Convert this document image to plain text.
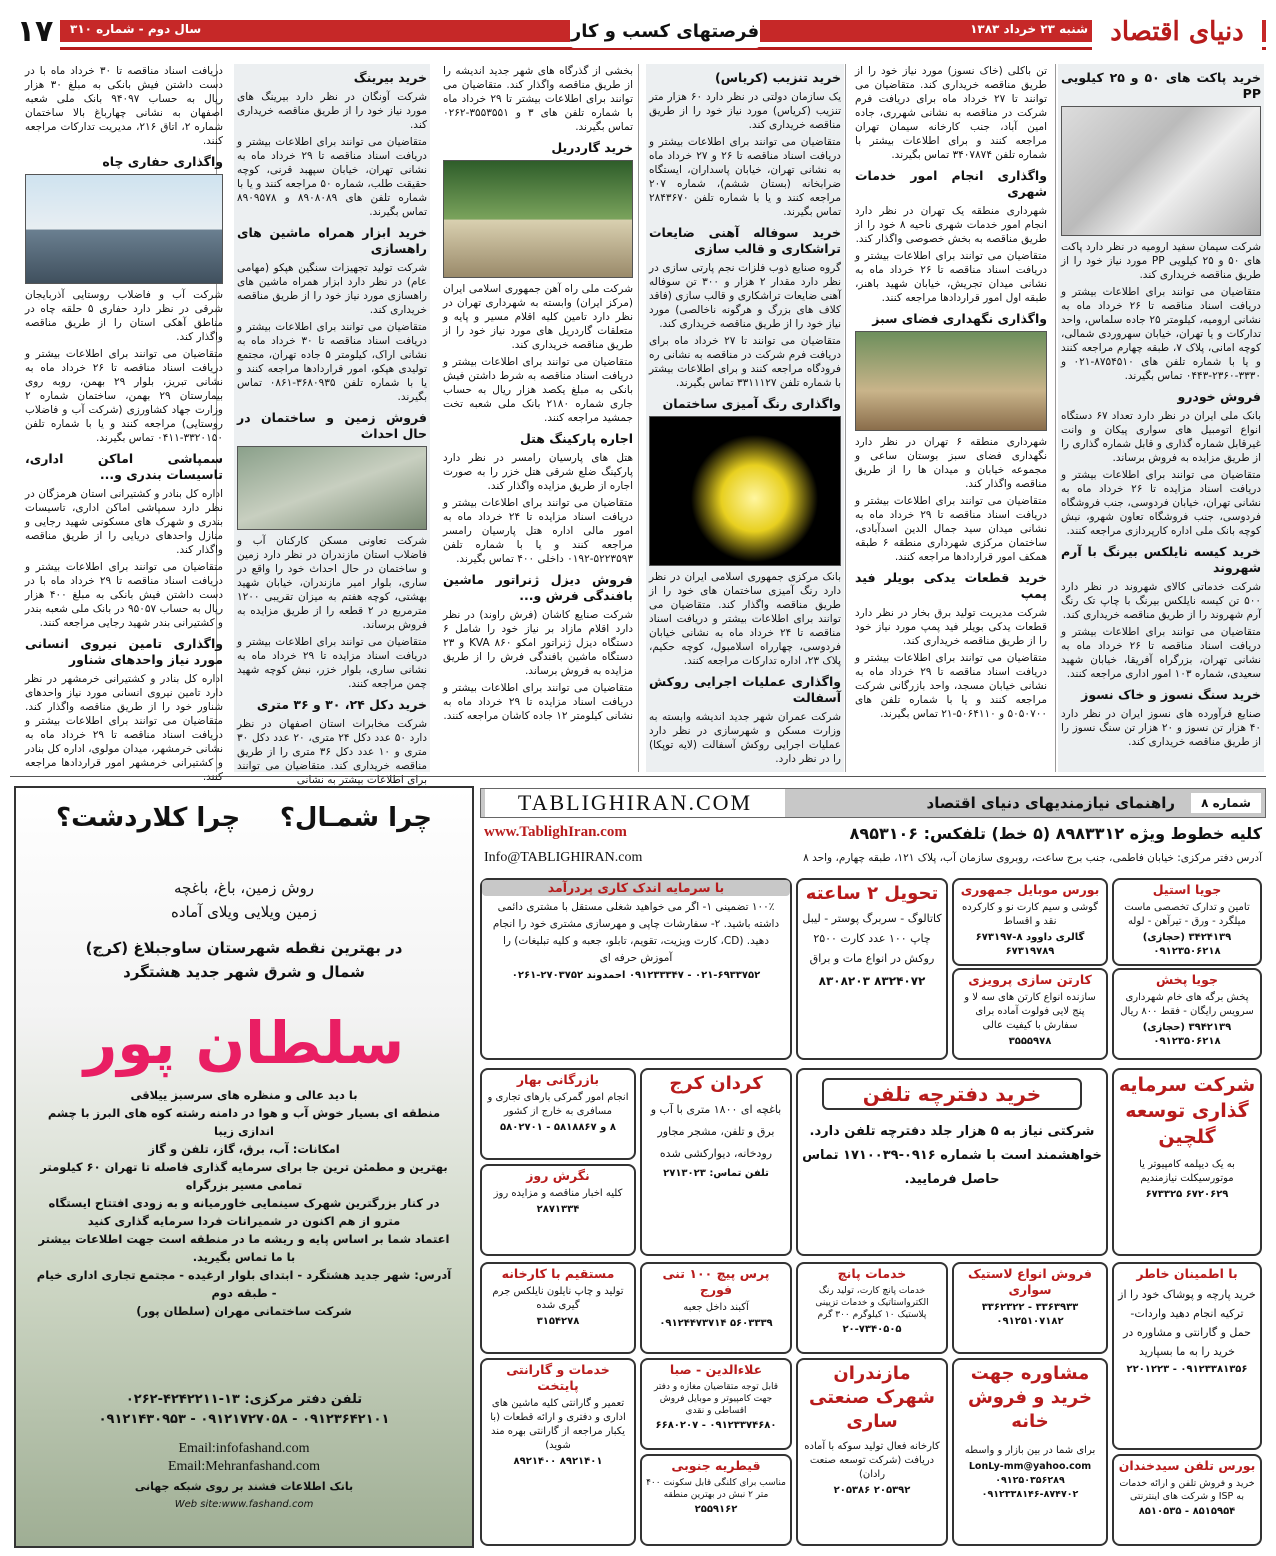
دنیای اقتصاد
شنبه ۲۳ خرداد ۱۳۸۳
فرصتهای کسب و کار
سال دوم - شماره ۳۱۰
۱۷
خرید پاکت های ۵۰ و ۲۵ کیلویی PP

شرکت سیمان سفید ارومیه در نظر دارد پاکت های ۵۰ و ۲۵ کیلویی PP مورد نیاز خود را از طریق مناقصه خریداری کند.

متقاضیان می توانند برای اطلاعات بیشتر و دریافت اسناد مناقصه تا ۲۶ خرداد ماه به نشانی ارومیه، کیلومتر ۲۵ جاده سلماس، واحد تدارکات و یا تهران، خیابان سهروردی شمالی، کوچه امانی، پلاک ۷، طبقه چهارم مراجعه کنند و یا با شماره تلفن های ۸۷۵۴۵۱۰-۰۲۱ و ۳۳۳۰-۲۳۶۰-۰۴۴۳ تماس بگیرند.

فروش خودرو

بانک ملی ایران در نظر دارد تعداد ۶۷ دستگاه انواع اتومبیل های سواری پیکان و وانت غیرقابل شماره گذاری و قابل شماره گذاری را از طریق مزایده به فروش برساند.

متقاضیان می توانند برای اطلاعات بیشتر و دریافت اسناد مزایده تا ۲۶ خرداد ماه به نشانی تهران، خیابان فردوسی، جنب فروشگاه فردوسی، جنب فروشگاه تعاون شهرو، نبش کوچه بانک ملی اداره کارپردازی مراجعه کنند.

خرید کیسه نایلکس بیرنگ با آرم شهروند

شرکت خدماتی کالای شهروند در نظر دارد ۵۰۰ تن کیسه نایلکس بیرنگ با چاپ تک رنگ آرم شهروند را از طریق مناقصه خریداری کند.

متقاضیان می توانند برای اطلاعات بیشتر و دریافت اسناد مناقصه تا ۲۶ خرداد ماه به نشانی تهران، بزرگراه آفریقا، خیابان شهید سعیدی، شماره ۱۰۳ امور اداری مراجعه کنند.

خرید سنگ نسوز و خاک نسوز

صنایع فرآورده های نسوز ایران در نظر دارد ۴۰ هزار تن نسوز و ۲۰ هزار تن سنگ نسوز را از طریق مناقصه خریداری کند.

تن باکلی (خاک نسوز) مورد نیاز خود را از طریق مناقصه خریداری کند. متقاضیان می توانند تا ۲۷ خرداد ماه برای دریافت فرم شرکت در مناقصه به نشانی شهرری، جاده امین آباد، جنب کارخانه سیمان تهران مراجعه کنند و برای اطلاعات بیشتر با شماره تلفن ۳۴۰۷۸۷۴ تماس بگیرند.

واگذاری انجام امور خدمات شهری

شهرداری منطقه یک تهران در نظر دارد انجام امور خدمات شهری ناحیه ۸ خود را از طریق مناقصه به بخش خصوصی واگذار کند.

متقاضیان می توانند برای اطلاعات بیشتر و دریافت اسناد مناقصه تا ۲۶ خرداد ماه به نشانی میدان تجریش، خیابان شهید باهنر، طبقه اول امور قراردادها مراجعه کنند.

واگذاری نگهداری فضای سبز

شهرداری منطقه ۶ تهران در نظر دارد نگهداری فضای سبز بوستان ساعی و مجموعه خیابان و میدان ها را از طریق مناقصه واگذار کند.

متقاضیان می توانند برای اطلاعات بیشتر و دریافت اسناد مناقصه تا ۲۹ خرداد ماه به نشانی میدان سید جمال الدین اسدآبادی، ساختمان مرکزی شهرداری منطقه ۶ طبقه همکف امور قراردادها مراجعه کنند.

خرید قطعات یدکی بویلر فید پمپ

شرکت مدیریت تولید برق بخار در نظر دارد قطعات یدکی بویلر فید پمپ مورد نیاز خود را از طریق مناقصه خریداری کند.

متقاضیان می توانند برای اطلاعات بیشتر و دریافت اسناد مناقصه تا ۲۹ خرداد ماه به نشانی خیابان مسجد، واحد بازرگانی شرکت مراجعه کنند و یا با شماره تلفن های ۵۰۵۰۷۰۰ و ۵۰۶۴۱۱۰-۲۱ تماس بگیرند.

خرید تنزیب (کریاس)

یک سازمان دولتی در نظر دارد ۶۰ هزار متر تنزیب (کریاس) مورد نیاز خود را از طریق مناقصه خریداری کند.

متقاضیان می توانند برای اطلاعات بیشتر و دریافت اسناد مناقصه تا ۲۶ و ۲۷ خرداد ماه به نشانی تهران، خیابان پاسداران، ایستگاه ضرابخانه (بستان ششم)، شماره ۲۰۷ مراجعه کنند و یا با شماره تلفن ۲۸۴۳۶۷۰ تماس بگیرند.

خرید سوفاله آهنی ضایعات تراشکاری و قالب سازی

گروه صنایع ذوب فلزات نجم پارتی سازی در نظر دارد مقدار ۲ هزار و ۳۰۰ تن سوفاله آهنی ضایعات تراشکاری و قالب سازی (فاقد کلاف های بزرگ و هرگونه ناخالصی) مورد نیاز خود را از طریق مناقصه خریداری کند.

متقاضیان می توانند تا ۲۷ خرداد ماه برای دریافت فرم شرکت در مناقصه به نشانی ره فرودگاه مراجعه کنند و برای اطلاعات بیشتر با شماره تلفن ۳۳۱۱۱۲۷ تماس بگیرند.

واگذاری رنگ آمیزی ساختمان

بانک مرکزی جمهوری اسلامی ایران در نظر دارد رنگ آمیزی ساختمان های خود را از طریق مناقصه واگذار کند. متقاضیان می توانند برای اطلاعات بیشتر و دریافت اسناد مناقصه تا ۲۴ خرداد ماه به نشانی خیابان فردوسی، چهارراه اسلامبول، کوچه حکیم، پلاک ۲۳، اداره تدارکات مراجعه کنند.

واگذاری عملیات اجرایی روکش آسفالت

شرکت عمران شهر جدید اندیشه وابسته به وزارت مسکن و شهرسازی در نظر دارد عملیات اجرایی روکش آسفالت (لایه توپکا) را در نظر دارد.

بخشی از گذرگاه های شهر جدید اندیشه را از طریق مناقصه واگذار کند. متقاضیان می توانند برای اطلاعات بیشتر تا ۲۹ خرداد ماه با شماره تلفن های ۳ و ۳۵۵۳۵۵۱-۰۲۶۲ تماس بگیرند.

خرید گاردریل

شرکت ملی راه آهن جمهوری اسلامی ایران (مرکز ایران) وابسته به شهرداری تهران در نظر دارد تامین کلیه اقلام مسیر و پایه و متعلقات گاردریل های مورد نیاز خود را از طریق مناقصه خریداری کند.

متقاضیان می توانند برای اطلاعات بیشتر و دریافت اسناد مناقصه به شرط داشتن فیش بانکی به مبلغ یکصد هزار ریال به حساب جاری شماره ۲۱۸۰ بانک ملی شعبه تخت جمشید مراجعه کنند.

اجاره پارکینگ هتل

هتل های پارسیان رامسر در نظر دارد پارکینگ ضلع شرقی هتل خزر را به صورت اجاره از طریق مزایده واگذار کند.

متقاضیان می توانند برای اطلاعات بیشتر و دریافت اسناد مزایده تا ۲۴ خرداد ماه به امور مالی اداره هتل پارسیان رامسر مراجعه کنند و یا با شماره تلفن ۵۲۲۳۵۹۳-۰۱۹۲ داخلی ۴۰۰ تماس بگیرند.

فروش دیزل ژنراتور ماشین بافندگی فرش و...

شرکت صنایع کاشان (فرش راوند) در نظر دارد اقلام مازاد بر نیاز خود را شامل ۶ دستگاه دیزل ژنراتور امکو KVA ۸۶۰ و ۲۳ دستگاه ماشین بافندگی فرش را از طریق مزایده به فروش برساند.

متقاضیان می توانند برای اطلاعات بیشتر و دریافت اسناد مزایده تا ۲۹ خرداد ماه به نشانی کیلومتر ۱۲ جاده کاشان مراجعه کنند.

خرید بیرینگ

شرکت آونگان در نظر دارد بیرینگ های مورد نیاز خود را از طریق مناقصه خریداری کند.

متقاضیان می توانند برای اطلاعات بیشتر و دریافت اسناد مناقصه تا ۲۹ خرداد ماه به نشانی تهران، خیابان سپهبد قرنی، کوچه حقیقت طلب، شماره ۵۰ مراجعه کنند و یا با شماره تلفن های ۸۹۰۸۰۸۹ و ۸۹۰۹۵۷۸ تماس بگیرند.

خرید ابزار همراه ماشین های راهسازی

شرکت تولید تجهیزات سنگین هپکو (مهامی عام) در نظر دارد ابزار همراه ماشین های راهسازی مورد نیاز خود را از طریق مناقصه خریداری کند.

متقاضیان می توانند برای اطلاعات بیشتر و دریافت اسناد مناقصه تا ۳۰ خرداد ماه به نشانی اراک، کیلومتر ۵ جاده تهران، مجتمع تولیدی هپکو، امور قراردادها مراجعه کنند و یا با شماره تلفن ۳۶۸۰۹۳۵-۰۸۶۱ تماس بگیرند.

فروش زمین و ساختمان در حال احداث

شرکت تعاونی مسکن کارکنان آب و فاضلاب استان مازندران در نظر دارد زمین و ساختمان در حال احداث خود را واقع در ساری، بلوار امیر مازندران، خیابان شهید بهشتی، کوچه هفتم به میزان تقریبی ۱۲۰۰ مترمربع در ۲ قطعه را از طریق مزایده به فروش برساند.

متقاضیان می توانند برای اطلاعات بیشتر و دریافت اسناد مزایده تا ۲۹ خرداد ماه به نشانی ساری، بلوار خزر، نبش کوچه شهید چمن مراجعه کنند.

خرید دکل ۲۴، ۳۰ و ۳۶ متری

شرکت مخابرات استان اصفهان در نظر دارد ۵۰ عدد دکل ۲۴ متری، ۲۰ عدد دکل ۳۰ متری و ۱۰ عدد دکل ۳۶ متری را از طریق مناقصه خریداری کند. متقاضیان می توانند برای اطلاعات بیشتر به نشانی

دریافت اسناد مناقصه تا ۳۰ خرداد ماه با در دست داشتن فیش بانکی به مبلغ ۳۰ هزار ریال به حساب ۹۴۰۹۷ بانک ملی شعبه اصفهان به نشانی چهارباغ بالا ساختمان شماره ۲، اتاق ۲۱۶، مدیریت تدارکات مراجعه کنند.

واگذاری حفاری چاه

شرکت آب و فاضلاب روستایی آذربایجان شرقی در نظر دارد حفاری ۵ حلقه چاه در مناطق آهکی استان را از طریق مناقصه واگذار کند.

متقاضیان می توانند برای اطلاعات بیشتر و دریافت اسناد مناقصه تا ۲۶ خرداد ماه به نشانی تبریز، بلوار ۲۹ بهمن، روبه روی بیمارستان ۲۹ بهمن، ساختمان شماره ۲ وزارت جهاد کشاورزی (شرکت آب و فاضلاب روستایی) مراجعه کنند و یا با شماره تلفن ۳۳۲۰۱۵۰-۰۴۱۱ تماس بگیرند.

سمپاشی اماکن اداری، تاسیسات بندری و...

اداره کل بنادر و کشتیرانی استان هرمزگان در نظر دارد سمپاشی اماکن اداری، تاسیسات بندری و شهرک های مسکونی شهید رجایی و منازل واحدهای دریایی را از طریق مناقصه واگذار کند.

متقاضیان می توانند برای اطلاعات بیشتر و دریافت اسناد مناقصه تا ۲۹ خرداد ماه با در دست داشتن فیش بانکی به مبلغ ۴۰۰ هزار ریال به حساب ۹۵۰۵۷ در بانک ملی شعبه بندر و کشتیرانی بندر شهید رجایی مراجعه کنند.

واگذاری تامین نیروی انسانی مورد نیاز واحدهای شناور

اداره کل بنادر و کشتیرانی خرمشهر در نظر دارد تامین نیروی انسانی مورد نیاز واحدهای شناور خود را از طریق مناقصه واگذار کند. متقاضیان می توانند برای اطلاعات بیشتر و دریافت اسناد مناقصه تا ۲۹ خرداد ماه به نشانی خرمشهر، میدان مولوی، اداره کل بنادر و کشتیرانی خرمشهر امور قراردادها مراجعه کنند.

چرا شمـال؟
چرا کلاردشت؟
روش زمین، باغ، باغچه
زمین ویلایی ویلای آماده
در بهترین نقطه شهرستان ساوجبلاغ (کرج)
شمال و شرق شهر جدید هشتگرد
سلطان پور
با دید عالی و منظره های سرسبز ییلاقی
منطقه ای بسیار خوش آب و هوا در دامنه رشته کوه های البرز با چشم اندازی زیبا
امکانات: آب، برق، گاز، تلفن و گاز
بهترین و مطمئن ترین جا برای سرمایه گذاری فاصله تا تهران ۶۰ کیلومتر تمامی مسیر بزرگراه
در کنار بزرگترین شهرک سینمایی خاورمیانه و به زودی افتتاح ایستگاه مترو از هم اکنون در شمیرانات فردا سرمایه گذاری کنید
اعتماد شما بر اساس پایه و ریشه ما در منطقه است جهت اطلاعات بیشتر با ما تماس بگیرید.
آدرس: شهر جدید هشتگرد - ابتدای بلوار ارغیده - مجتمع تجاری اداری خیام - طبقه دوم
شرکت ساختمانی مهران (سلطان پور)
تلفن دفتر مرکزی: ۱۳-۴۲۴۲۲۱۱-۰۲۶۲
۰۹۱۲۳۶۴۲۱۰۱ - ۰۹۱۲۱۷۲۷۰۵۸ - ۰۹۱۲۱۴۳۰۹۵۳
Email:infofashand.com
Email:Mehranfashand.com
بانک اطلاعات فشند بر روی شبکه جهانی
Web site:www.fashand.com
TABLIGHIRAN.COM	راهنمای نیازمندیهای دنیای اقتصاد	شماره ۸
www.TablighIran.com
Info@TABLIGHIRAN.com
کلیه خطوط ویژه ۸۹۸۳۳۱۲ (۵ خط) تلفکس: ۸۹۵۳۱۰۶
آدرس دفتر مرکزی: خیابان فاطمی، جنب برج ساعت، روبروی سازمان آب، پلاک ۱۲۱، طبقه چهارم، واحد ۸
جویا استیل
تامین و تدارک تخصصی ماست میلگرد - ورق - تیرآهن - لوله
۳۴۲۴۱۳۹ (حجازی) ۰۹۱۲۳۵۰۶۲۱۸
جویا پخش
پخش برگه های خام شهرداری سرویس رایگان - فقط ۸۰۰ ریال
۳۹۴۲۱۳۹ (حجازی) ۰۹۱۲۳۵۰۶۲۱۸
بورس موبایل جمهوری
گوشی و سیم کارت نو و کارکرده نقد و اقساط
گالری داوود ۸-۶۷۳۱۹۷ ۶۷۳۱۹۷۸۹
کارتن سازی پرویزی
سازنده انواع کارتن های سه لا و پنج لایی فولوت آماده برای سفارش با کیفیت عالی
۳۵۵۵۹۷۸
تحویل ۲ ساعته
کاتالوگ - سربرگ پوستر - لیبل چاپ ۱۰۰ عدد کارت ۲۵۰۰ روکش در انواع مات و براق
۸۳۲۴۰۷۲ ۸۳۰۸۲۰۳
با سرمایه اندک کاری پردرآمد
۱۰۰٪ تضمینی ۱- اگر می خواهید شغلی مستقل با مشتری دائمی داشته باشید. ۲- سفارشات چاپی و مهرسازی مشتری خود را انجام دهید. (CD، کارت ویزیت، تقویم، تابلو، جعبه و کلیه تبلیغات) را آموزش حرفه ای
۰۲۱-۶۹۳۳۷۵۲ - ۰۹۱۲۳۳۳۴۷ احمدوند ۲۷۰۳۷۵۲-۰۲۶۱
شرکت سرمایه گذاری توسعه گلچین
به یک دیپلمه کامپیوتر یا موتورسیکلت نیازمندیم
۶۷۲۰۶۲۹ ۶۷۳۳۲۵
خرید دفترچه تلفن
شرکتی نیاز به ۵ هزار جلد دفترچه تلفن دارد. خواهشمند است با شماره ۰۹۱۶-۱۷۱۰۰۳۹ تماس حاصل فرمایید.
کردان کرج
باغچه ای ۱۸۰۰ متری با آب و برق و تلفن، مشجر مجاور رودخانه، دیوارکشی شده
تلفن تماس: ۲۷۱۳۰۲۳
بازرگانی بهار
انجام امور گمرکی بارهای تجاری و مسافری به خارج از کشور
۸ و ۵۸۱۸۸۶۷ - ۵۸۰۲۷۰۱
نگرش روز
کلیه اخبار مناقصه و مزایده روز
۲۸۷۱۳۳۴
با اطمینان خاطر
خرید پارچه و پوشاک خود را از ترکیه انجام دهید واردات- حمل و گارانتی و مشاوره در خرید را به ما بسپارید
۰۹۱۲۳۳۸۱۳۵۶ - ۲۲۰۱۲۲۳
فروش انواع لاستیک سواری
۳۳۶۳۹۳۳ - ۳۳۶۲۳۲۲ ۰۹۱۲۵۱۰۷۱۸۲
خدمات پانچ
خدمات پانچ کارت، تولید رنگ الکترواستاتیک و خدمات تزیینی پلاستیک ۱۰ کیلوگرم ۳۰۰ گرم
۲۰-۷۳۴۰۵۰۵
پرس پیچ ۱۰۰ تنی فورج
آکبند داخل جعبه
۵۶۰۳۳۳۹ ۰۹۱۲۴۴۷۳۷۱۴
مستقیم با کارخانه
تولید و چاپ نایلون نایلکس جرم گیری شده
۳۱۵۴۲۷۸
مشاوره جهت خرید و فروش خانه
برای شما در بین بازار و واسطه
LonLy-mm@yahoo.com ۰۹۱۲۵۰۳۵۶۲۸۹ ۰۹۱۲۳۳۸۱۴۶-۸۷۴۷۰۲
مازندران شهرک صنعتی ساری
کارخانه فعال تولید سوکه با آماده دریافت (شرکت توسعه صنعت رادان)
۲۰۵۳۹۲ ۲۰۵۳۸۶
علاءالدین - صبا
قابل توجه متقاضیان مغازه و دفتر جهت کامپیوتر و موبایل فروش اقساطی و نقدی
۰۹۱۲۳۳۷۴۶۸۰ - ۶۶۸۰۲۰۷
قیطریه جنوبی
مناسب برای کلنگی قابل سکونت ۴۰۰ متر ۲ نبش در بهترین منطقه
۲۵۵۹۱۶۲
خدمات و گارانتی پایتخت
تعمیر و گارانتی کلیه ماشین های اداری و دفتری و ارائه قطعات (با یکبار مراجعه از گارانتی بهره مند شوید)
۸۹۲۱۴۰۱ ۸۹۲۱۴۰۰	بورس تلفن سیدخندان
خرید و فروش تلفن و ارائه خدمات به ISP و شرکت های اینترنتی
۸۵۱۵۹۵۴ - ۸۵۱۰۵۳۵
